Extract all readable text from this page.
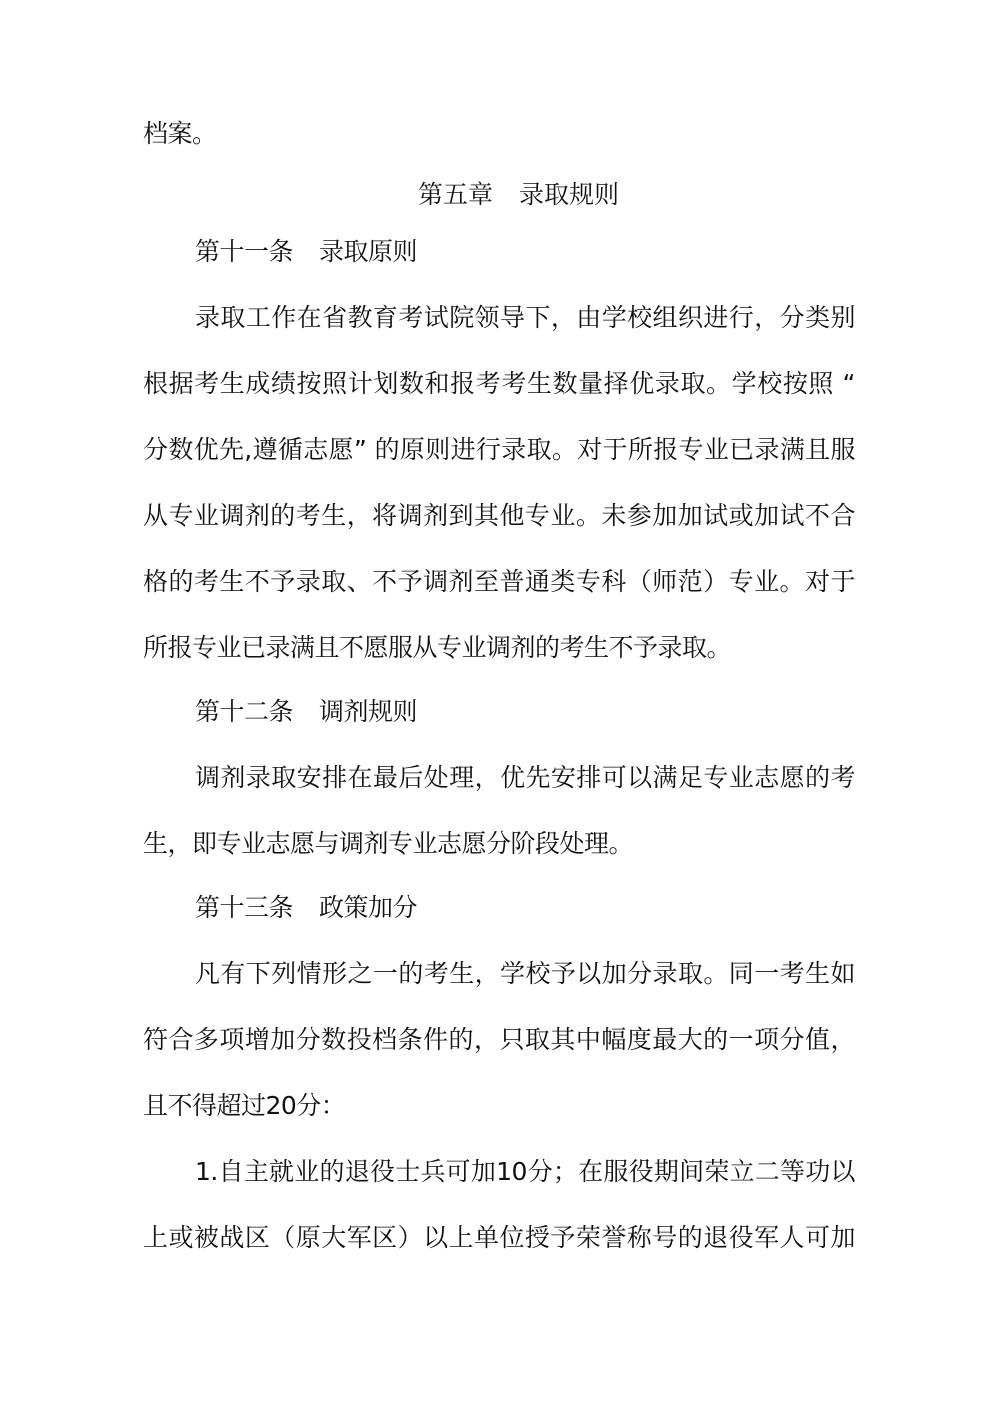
档案。
第五章 录取规则
第十一条 录取原则
录取工作在省教育考试院领导下，由学校组织进行，分类别
根据考生成绩按照计划数和报考考生数量择优录取。学校按照 “
分数优先,遵循志愿” 的原则进行录取。对于所报专业已录满且服
从专业调剂的考生，将调剂到其他专业。未参加加试或加试不合
格的考生不予录取、不予调剂至普通类专科（师范）专业。对于
所报专业已录满且不愿服从专业调剂的考生不予录取。
第十二条 调剂规则
调剂录取安排在最后处理，优先安排可以满足专业志愿的考
生，即专业志愿与调剂专业志愿分阶段处理。
第十三条 政策加分
凡有下列情形之一的考生，学校予以加分录取。同一考生如
符合多项增加分数投档条件的，只取其中幅度最大的一项分值，
且不得超过20分：
1.自主就业的退役士兵可加10分；在服役期间荣立二等功以
上或被战区（原大军区）以上单位授予荣誉称号的退役军人可加
